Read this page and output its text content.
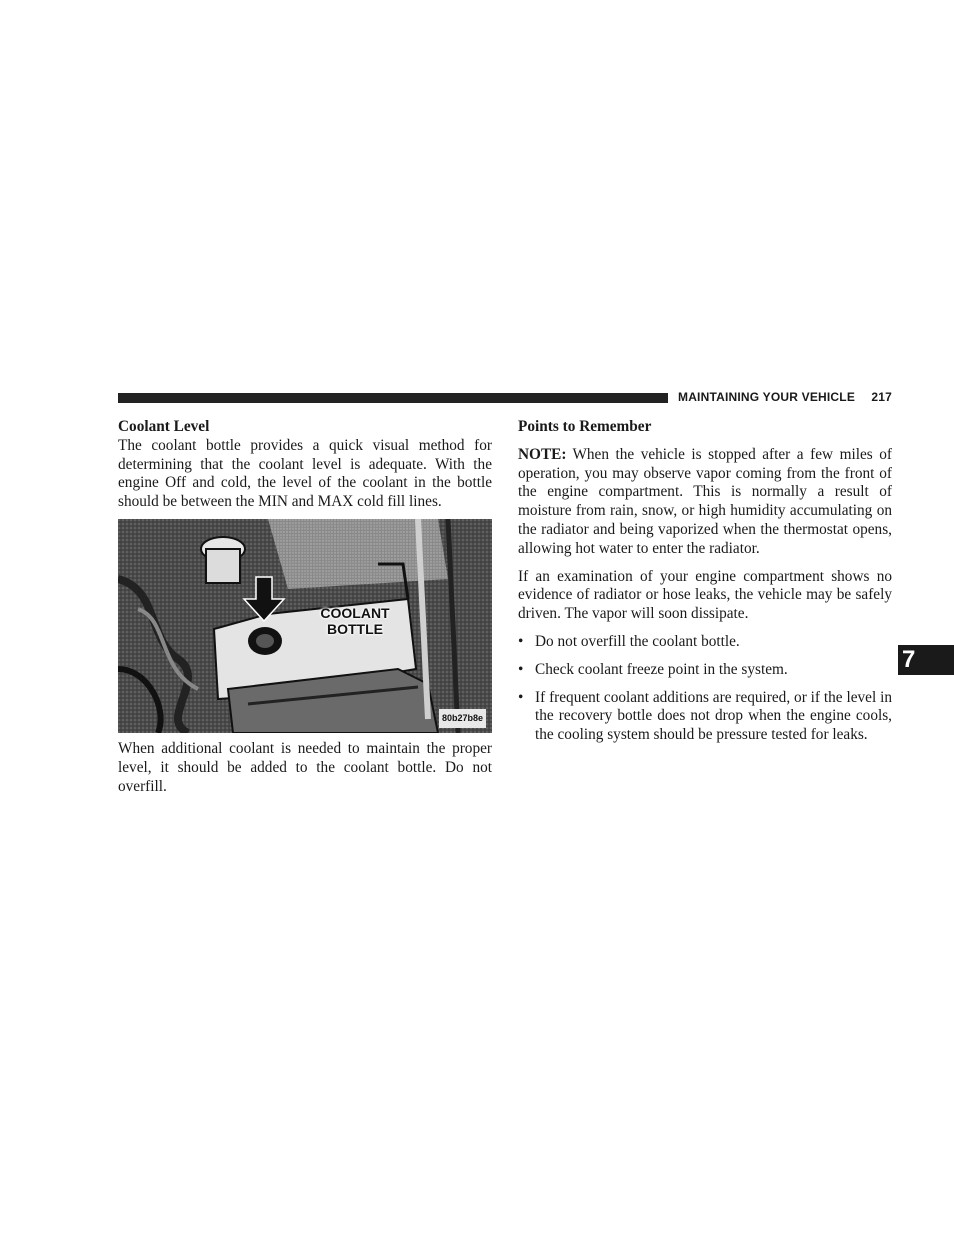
MAINTAINING YOUR VEHICLE 217
Coolant Level

The coolant bottle provides a quick visual method for determining that the coolant level is adequate. With the engine Off and cold, the level of the coolant in the bottle should be between the MIN and MAX cold fill lines.

COOLANT
BOTTLE
80b27b8e

When additional coolant is needed to maintain the proper level, it should be added to the coolant bottle. Do not overfill.

Points to Remember

NOTE: When the vehicle is stopped after a few miles of operation, you may observe vapor coming from the front of the engine compartment. This is normally a result of moisture from rain, snow, or high humidity accumulating on the radiator and being vaporized when the thermostat opens, allowing hot water to enter the radiator.

If an examination of your engine compartment shows no evidence of radiator or hose leaks, the vehicle may be safely driven. The vapor will soon dissipate.

• Do not overfill the coolant bottle.
• Check coolant freeze point in the system.
• If frequent coolant additions are required, or if the level in the recovery bottle does not drop when the engine cools, the cooling system should be pressure tested for leaks.
7
